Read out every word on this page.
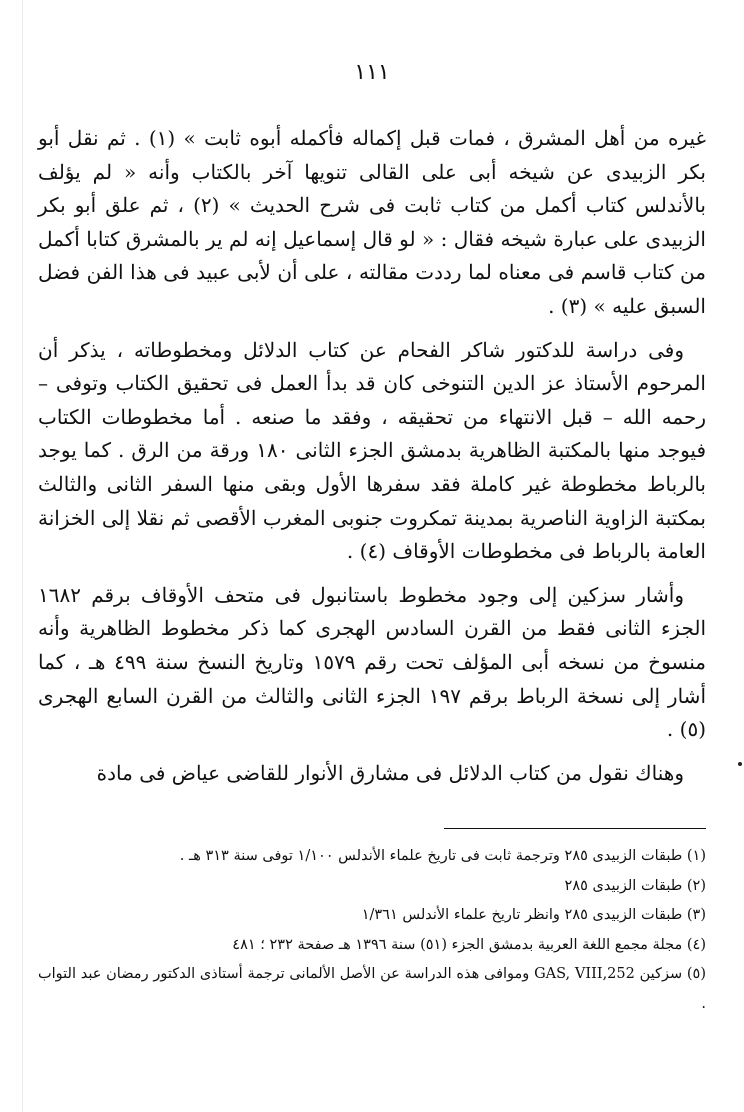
١١١

غيره من أهل المشرق ، فمات قبل إكماله فأكمله أبوه ثابت » (١) . ثم نقل أبو بكر الزبيدى عن شيخه أبى على القالى تنويها آخر بالكتاب وأنه « لم يؤلف بالأندلس كتاب أكمل من كتاب ثابت فى شرح الحديث » (٢) ، ثم علق أبو بكر الزبيدى على عبارة شيخه فقال : « لو قال إسماعيل إنه لم ير بالمشرق كتابا أكمل من كتاب قاسم فى معناه لما رددت مقالته ، على أن لأبى عبيد فى هذا الفن فضل السبق عليه » (٣) .

وفى دراسة للدكتور شاكر الفحام عن كتاب الدلائل ومخطوطاته ، يذكر أن المرحوم الأستاذ عز الدين التنوخى كان قد بدأ العمل فى تحقيق الكتاب وتوفى – رحمه الله – قبل الانتهاء من تحقيقه ، وفقد ما صنعه . أما مخطوطات الكتاب فيوجد منها بالمكتبة الظاهرية بدمشق الجزء الثانى ١٨٠ ورقة من الرق . كما يوجد بالرباط مخطوطة غير كاملة فقد سفرها الأول وبقى منها السفر الثانى والثالث بمكتبة الزاوية الناصرية بمدينة تمكروت جنوبى المغرب الأقصى ثم نقلا إلى الخزانة العامة بالرباط فى مخطوطات الأوقاف (٤) .

وأشار سزكين إلى وجود مخطوط باستانبول فى متحف الأوقاف برقم ١٦٨٢ الجزء الثانى فقط من القرن السادس الهجرى كما ذكر مخطوط الظاهرية وأنه منسوخ من نسخه أبى المؤلف تحت رقم ١٥٧٩ وتاريخ النسخ سنة ٤٩٩ هـ ، كما أشار إلى نسخة الرباط برقم ١٩٧ الجزء الثانى والثالث من القرن السابع الهجرى (٥) .

وهناك نقول من كتاب الدلائل فى مشارق الأنوار للقاضى عياض فى مادة

(١) طبقات الزبيدى ٢٨٥ وترجمة ثابت فى تاريخ علماء الأندلس ١/١٠٠ توفى سنة ٣١٣ هـ .
(٢) طبقات الزبيدى ٢٨٥
(٣) طبقات الزبيدى ٢٨٥ وانظر تاريخ علماء الأندلس ١/٣٦١
(٤) مجلة مجمع اللغة العربية بدمشق الجزء (٥١) سنة ١٣٩٦ هـ صفحة ٢٣٢ ؛ ٤٨١
(٥) سزكين GAS, VIII,252 وموافى هذه الدراسة عن الأصل الألمانى ترجمة أستاذى الدكتور رمضان عبد التواب .
